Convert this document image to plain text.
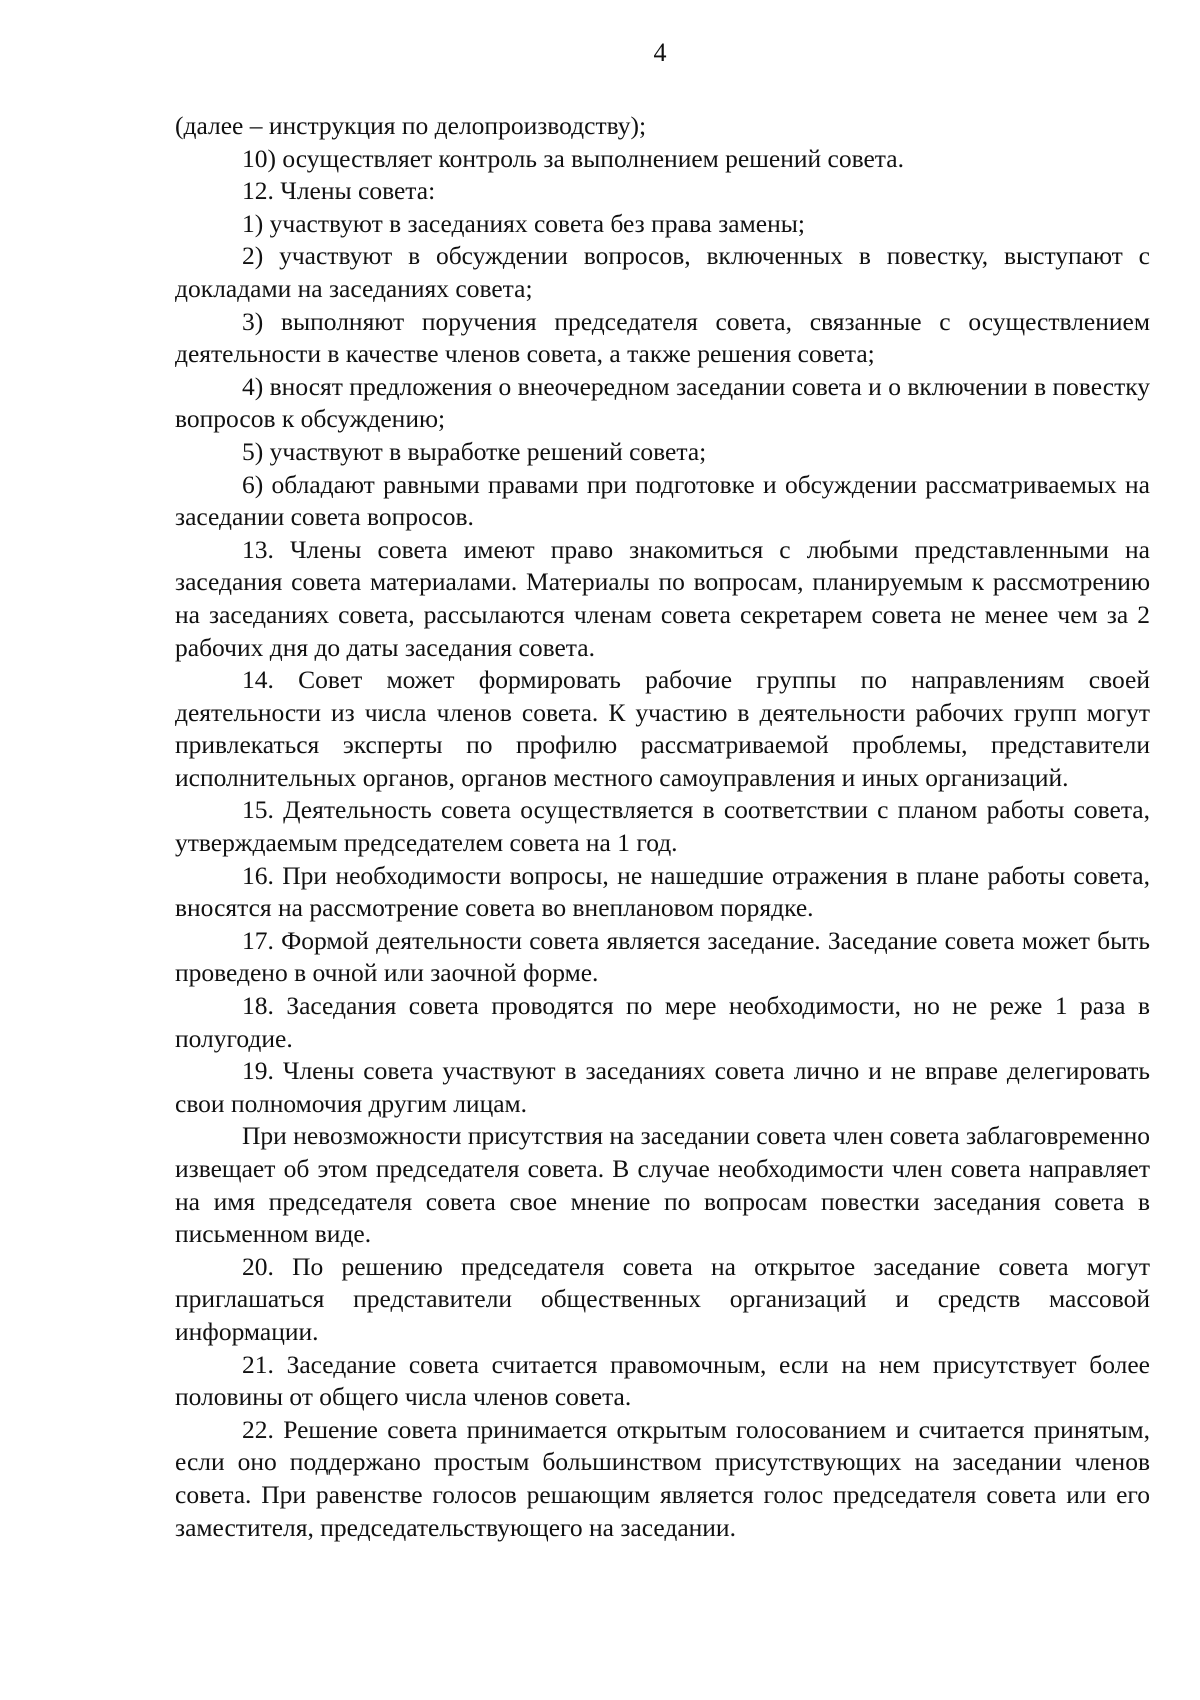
4

(далее – инструкция по делопроизводству);

10) осуществляет контроль за выполнением решений совета.

12. Члены совета:

1) участвуют в заседаниях совета без права замены;

2) участвуют в обсуждении вопросов, включенных в повестку, выступают с докладами на заседаниях совета;

3) выполняют поручения председателя совета, связанные с осуществлением деятельности в качестве членов совета, а также решения совета;

4) вносят предложения о внеочередном заседании совета и о включении в повестку вопросов к обсуждению;

5) участвуют в выработке решений совета;

6) обладают равными правами при подготовке и обсуждении рассматриваемых на заседании совета вопросов.

13. Члены совета имеют право знакомиться с любыми представленными на заседания совета материалами. Материалы по вопросам, планируемым к рассмотрению на заседаниях совета, рассылаются членам совета секретарем совета не менее чем за 2 рабочих дня до даты заседания совета.

14. Совет может формировать рабочие группы по направлениям своей деятельности из числа членов совета. К участию в деятельности рабочих групп могут привлекаться эксперты по профилю рассматриваемой проблемы, представители исполнительных органов, органов местного самоуправления и иных организаций.

15. Деятельность совета осуществляется в соответствии с планом работы совета, утверждаемым председателем совета на 1 год.

16. При необходимости вопросы, не нашедшие отражения в плане работы совета, вносятся на рассмотрение совета во внеплановом порядке.

17. Формой деятельности совета является заседание. Заседание совета может быть проведено в очной или заочной форме.

18. Заседания совета проводятся по мере необходимости, но не реже 1 раза в полугодие.

19. Члены совета участвуют в заседаниях совета лично и не вправе делегировать свои полномочия другим лицам.

При невозможности присутствия на заседании совета член совета заблаговременно извещает об этом председателя совета. В случае необходимости член совета направляет на имя председателя совета свое мнение по вопросам повестки заседания совета в письменном виде.

20. По решению председателя совета на открытое заседание совета могут приглашаться представители общественных организаций и средств массовой информации.

21. Заседание совета считается правомочным, если на нем присутствует более половины от общего числа членов совета.

22. Решение совета принимается открытым голосованием и считается принятым, если оно поддержано простым большинством присутствующих на заседании членов совета. При равенстве голосов решающим является голос председателя совета или его заместителя, председательствующего на заседании.
